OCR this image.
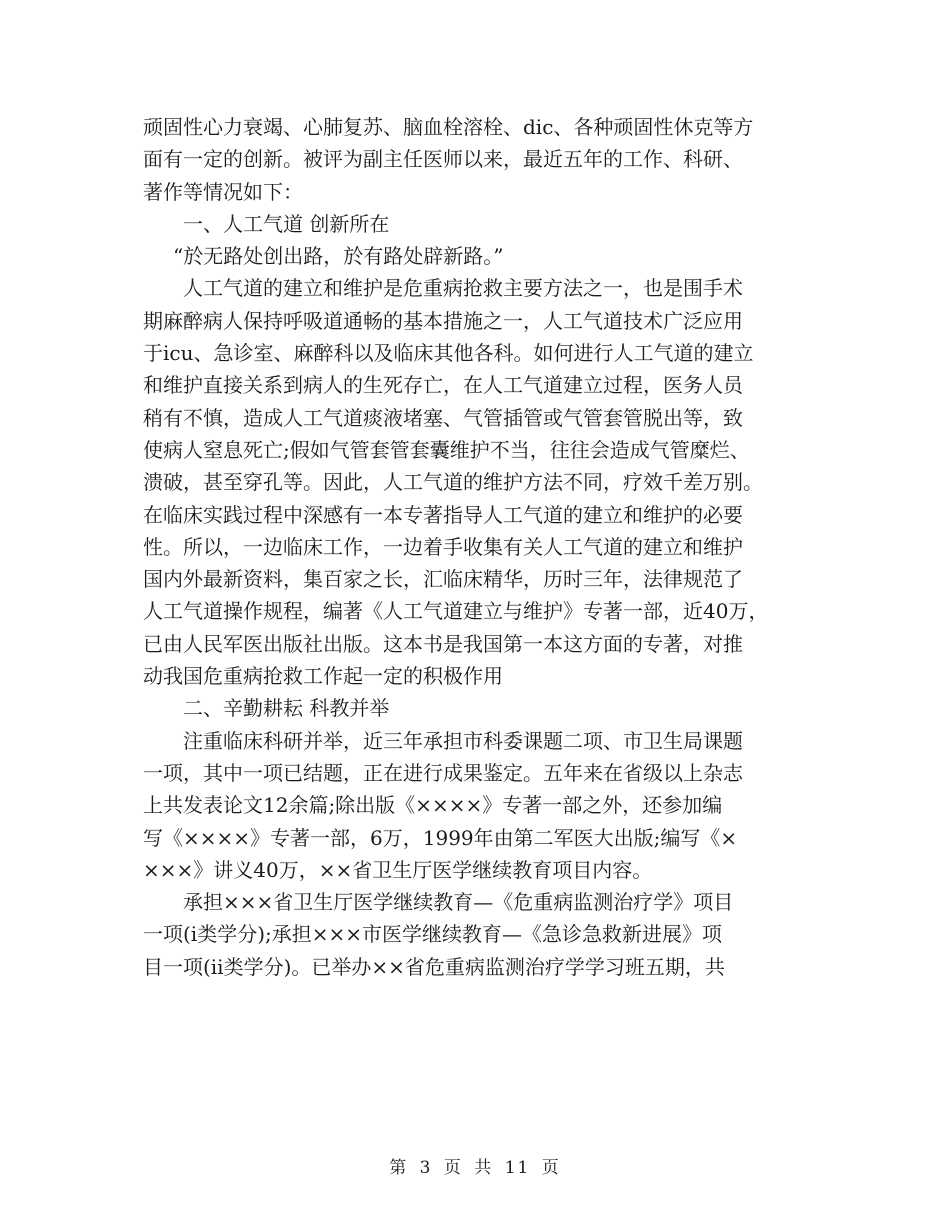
顽固性心力衰竭、心肺复苏、脑血栓溶栓、dic、各种顽固性休克等方
面有一定的创新。被评为副主任医师以来，最近五年的工作、科研、
著作等情况如下：
一、人工气道 创新所在
“於无路处创出路，於有路处辟新路。”
人工气道的建立和维护是危重病抢救主要方法之一，也是围手术
期麻醉病人保持呼吸道通畅的基本措施之一，人工气道技术广泛应用
于icu、急诊室、麻醉科以及临床其他各科。如何进行人工气道的建立
和维护直接关系到病人的生死存亡，在人工气道建立过程，医务人员
稍有不慎，造成人工气道痰液堵塞、气管插管或气管套管脱出等，致
使病人窒息死亡;假如气管套管套囊维护不当，往往会造成气管糜烂、
溃破，甚至穿孔等。因此，人工气道的维护方法不同，疗效千差万别。
在临床实践过程中深感有一本专著指导人工气道的建立和维护的必要
性。所以，一边临床工作，一边着手收集有关人工气道的建立和维护
国内外最新资料，集百家之长，汇临床精华，历时三年，法律规范了
人工气道操作规程，编著《人工气道建立与维护》专著一部，近40万，
已由人民军医出版社出版。这本书是我国第一本这方面的专著，对推
动我国危重病抢救工作起一定的积极作用
二、辛勤耕耘 科教并举
注重临床科研并举，近三年承担市科委课题二项、市卫生局课题
一项，其中一项已结题，正在进行成果鉴定。五年来在省级以上杂志
上共发表论文12余篇;除出版《××××》专著一部之外，还参加编
写《××××》专著一部，6万，1999年由第二军医大出版;编写《×
×××》讲义40万，××省卫生厅医学继续教育项目内容。
承担×××省卫生厅医学继续教育—《危重病监测治疗学》项目
一项(ⅰ类学分);承担×××市医学继续教育—《急诊急救新进展》项
目一项(ⅱ类学分)。已举办××省危重病监测治疗学学习班五期，共
第 3 页 共 11 页
